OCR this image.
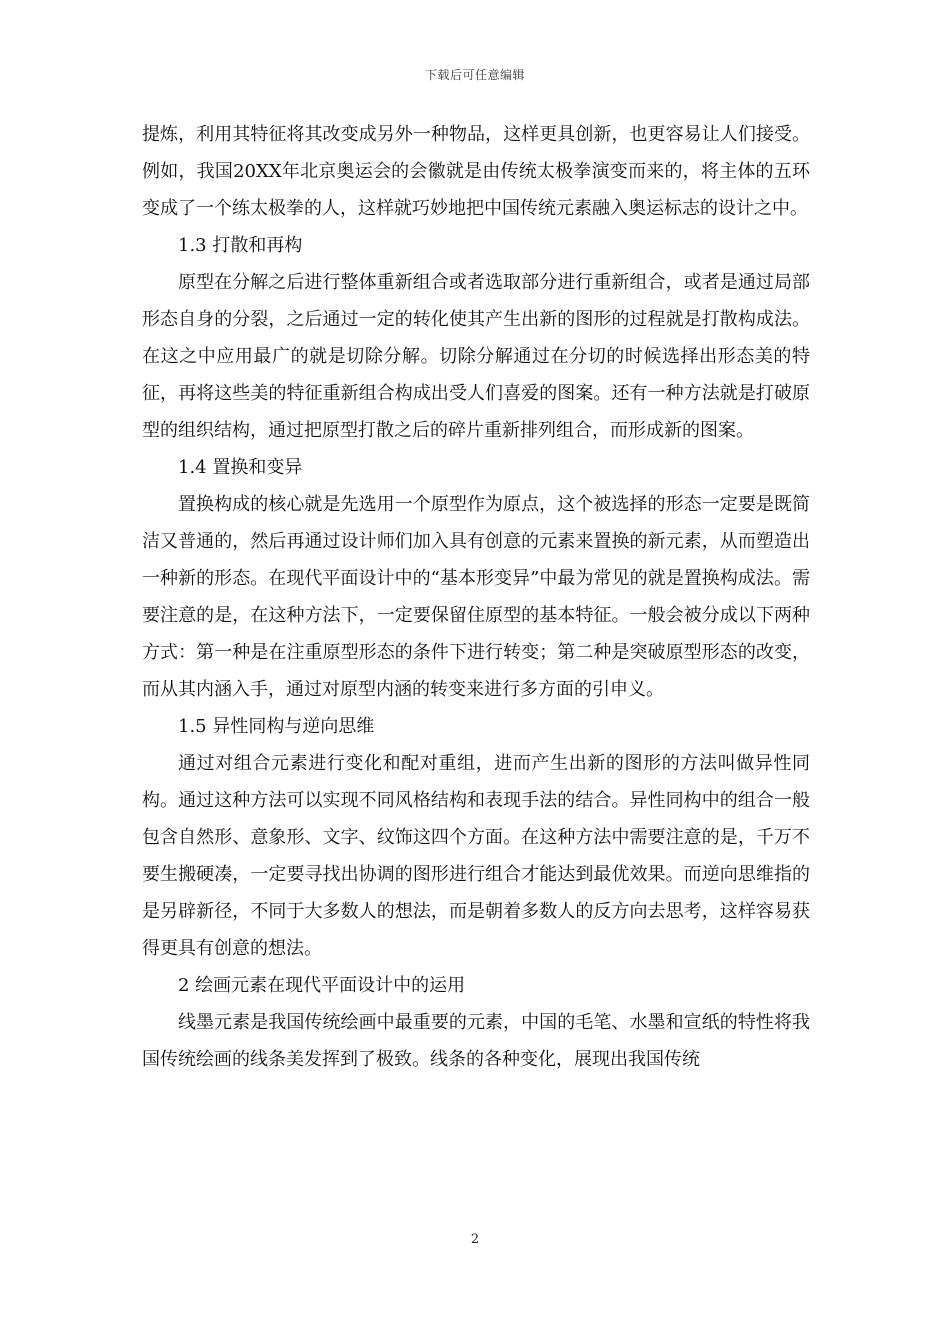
下载后可任意编辑

提炼，利用其特征将其改变成另外一种物品，这样更具创新，也更容易让人们接受。例如，我国20XX年北京奥运会的会徽就是由传统太极拳演变而来的，将主体的五环变成了一个练太极拳的人，这样就巧妙地把中国传统元素融入奥运标志的设计之中。

1.3 打散和再构

原型在分解之后进行整体重新组合或者选取部分进行重新组合，或者是通过局部形态自身的分裂，之后通过一定的转化使其产生出新的图形的过程就是打散构成法。在这之中应用最广的就是切除分解。切除分解通过在分切的时候选择出形态美的特征，再将这些美的特征重新组合构成出受人们喜爱的图案。还有一种方法就是打破原型的组织结构，通过把原型打散之后的碎片重新排列组合，而形成新的图案。

1.4 置换和变异

置换构成的核心就是先选用一个原型作为原点，这个被选择的形态一定要是既简洁又普通的，然后再通过设计师们加入具有创意的元素来置换的新元素，从而塑造出一种新的形态。在现代平面设计中的“基本形变异”中最为常见的就是置换构成法。需要注意的是，在这种方法下，一定要保留住原型的基本特征。一般会被分成以下两种方式：第一种是在注重原型形态的条件下进行转变；第二种是突破原型形态的改变，而从其内涵入手，通过对原型内涵的转变来进行多方面的引申义。

1.5 异性同构与逆向思维

通过对组合元素进行变化和配对重组，进而产生出新的图形的方法叫做异性同构。通过这种方法可以实现不同风格结构和表现手法的结合。异性同构中的组合一般包含自然形、意象形、文字、纹饰这四个方面。在这种方法中需要注意的是，千万不要生搬硬凑，一定要寻找出协调的图形进行组合才能达到最优效果。而逆向思维指的是另辟新径，不同于大多数人的想法，而是朝着多数人的反方向去思考，这样容易获得更具有创意的想法。

2 绘画元素在现代平面设计中的运用

线墨元素是我国传统绘画中最重要的元素，中国的毛笔、水墨和宣纸的特性将我国传统绘画的线条美发挥到了极致。线条的各种变化，展现出我国传统

2
